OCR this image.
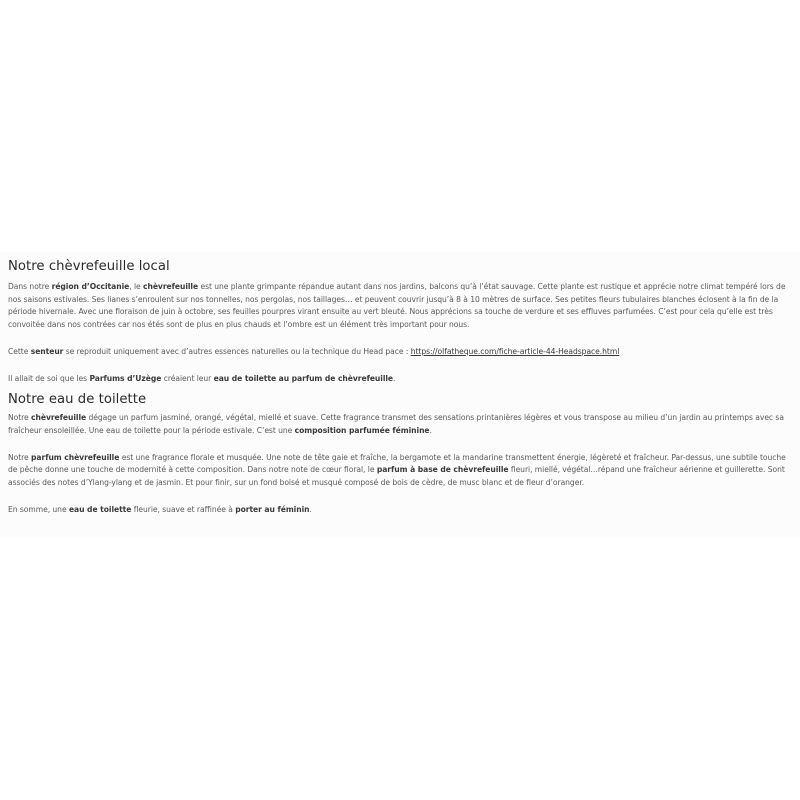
Notre chèvrefeuille local

Dans notre région d’Occitanie, le chèvrefeuille est une plante grimpante répandue autant dans nos jardins, balcons qu’à l’état sauvage. Cette plante est rustique et apprécie notre climat tempéré lors de nos saisons estivales. Ses lianes s’enroulent sur nos tonnelles, nos pergolas, nos taillages… et peuvent couvrir jusqu’à 8 à 10 mètres de surface. Ses petites fleurs tubulaires blanches éclosent à la fin de la période hivernale. Avec une floraison de juin à octobre, ses feuilles pourpres virant ensuite au vert bleuté. Nous apprécions sa touche de verdure et ses effluves parfumées. C’est pour cela qu’elle est très convoitée dans nos contrées car nos étés sont de plus en plus chauds et l’ombre est un élément très important pour nous.

Cette senteur se reproduit uniquement avec d’autres essences naturelles ou la technique du Head pace : https://olfatheque.com/fiche-article-44-Headspace.html

Il allait de soi que les Parfums d’Uzège créaient leur eau de toilette au parfum de chèvrefeuille.

Notre eau de toilette

Notre chèvrefeuille dégage un parfum jasminé, orangé, végétal, miellé et suave. Cette fragrance transmet des sensations printanières légères et vous transpose au milieu d’un jardin au printemps avec sa fraîcheur ensoleillée. Une eau de toilette pour la période estivale. C’est une composition parfumée féminine.

Notre parfum chèvrefeuille est une fragrance florale et musquée. Une note de tête gaie et fraîche, la bergamote et la mandarine transmettent énergie, légèreté et fraîcheur. Par-dessus, une subtile touche de pêche donne une touche de modernité à cette composition. Dans notre note de cœur floral, le parfum à base de chèvrefeuille fleuri, miellé, végétal…répand une fraîcheur aérienne et guillerette. Sont associés des notes d’Ylang-ylang et de jasmin. Et pour finir, sur un fond boisé et musqué composé de bois de cèdre, de musc blanc et de fleur d’oranger.

En somme, une eau de toilette fleurie, suave et raffinée à porter au féminin.
